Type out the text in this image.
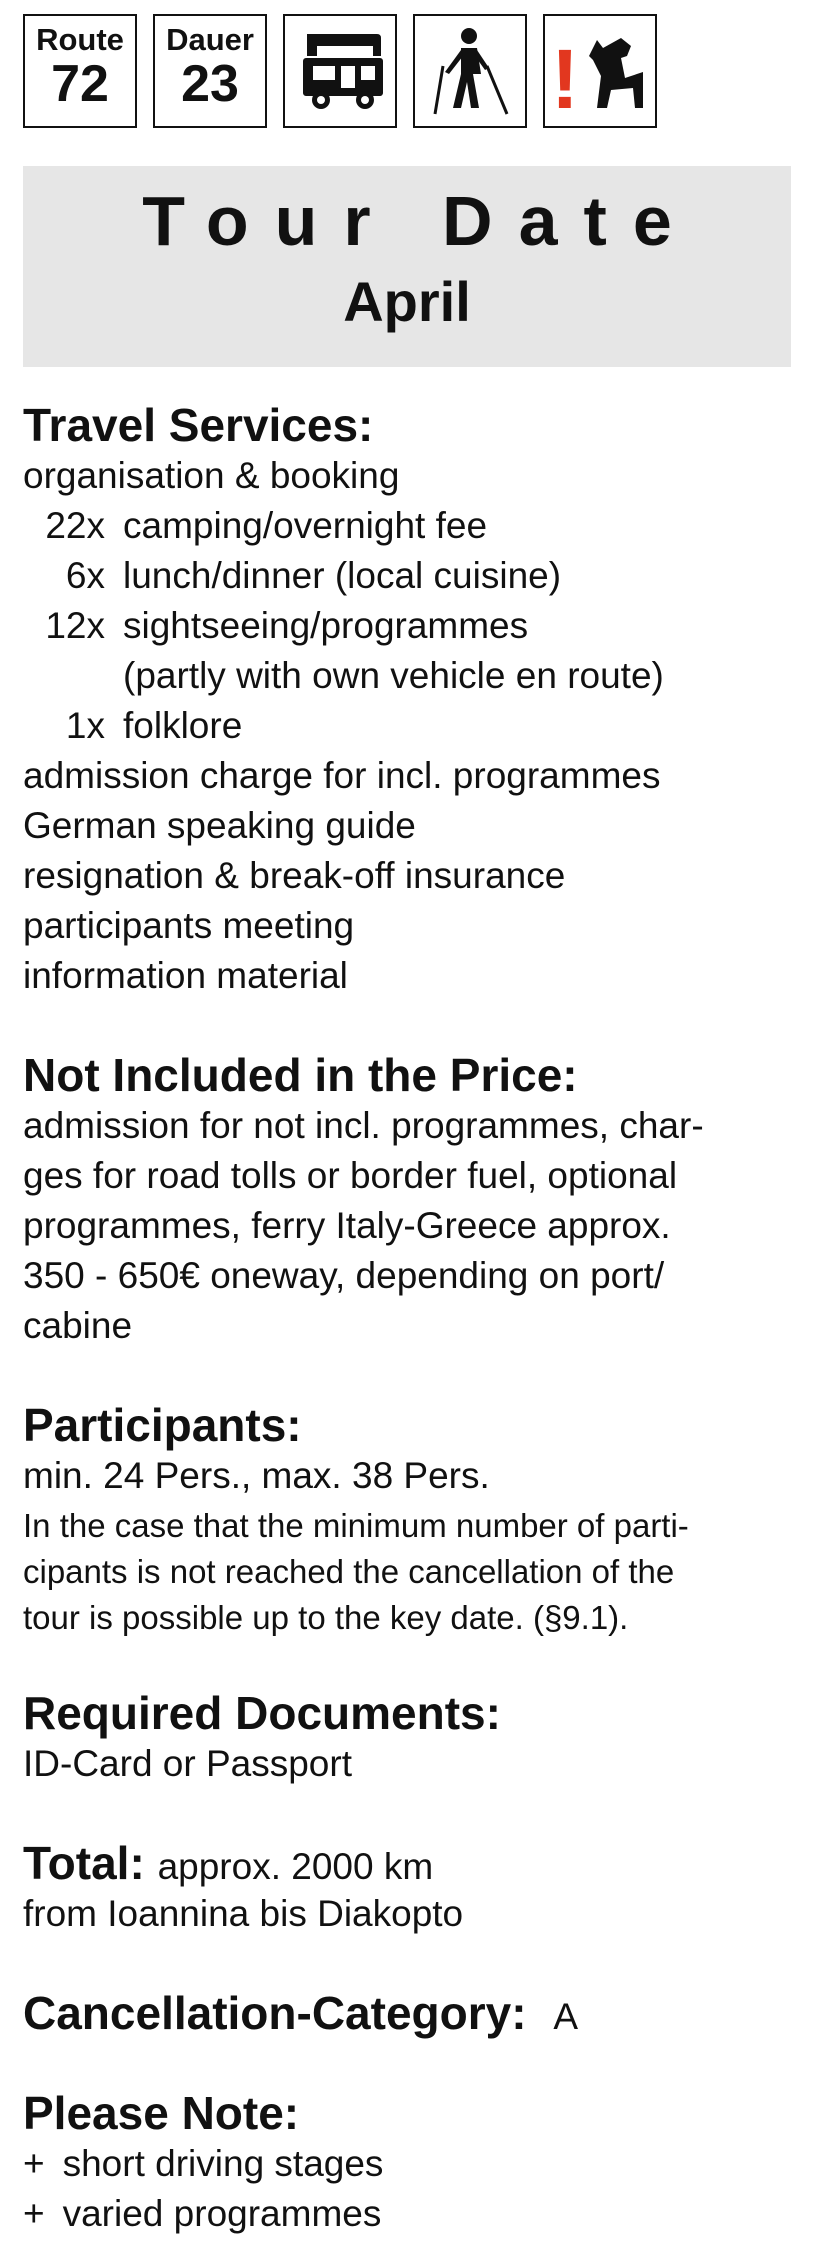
Route
72
Dauer
23	!
Tour Date
April
Travel Services:
organisation & booking
22x camping/overnight fee
6x lunch/dinner (local cuisine)
12x sightseeing/programmes
(partly with own vehicle en route)
1x folklore
admission charge for incl. programmes
German speaking guide
resignation & break-off insurance
participants meeting
information material
Not Included in the Price:
admission for not incl. programmes, char-
ges for road tolls or border fuel, optional
programmes, ferry Italy-Greece approx.
350 - 650€ oneway, depending on port/
cabine
Participants:
min. 24 Pers., max. 38 Pers.
In the case that the minimum number of parti-
cipants is not reached the cancellation of the
tour is possible up to the key date. (§9.1).
Required Documents:
ID-Card or Passport
Total: approx. 2000 km
from Ioannina bis Diakopto
Cancellation-Category: A
Please Note:
+ short driving stages
+ varied programmes
